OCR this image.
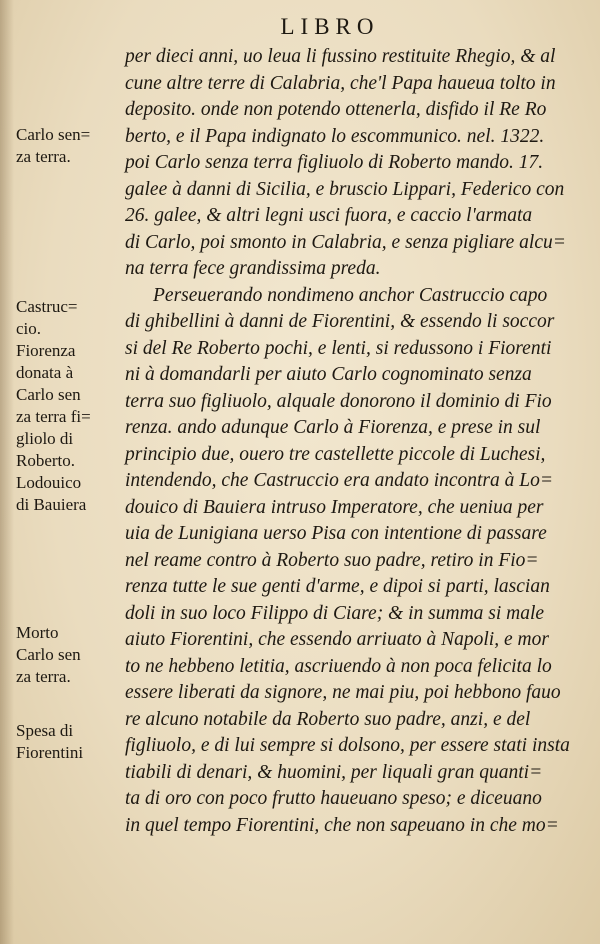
LIBRO
per dieci anni, uo leua li fussino restituite Rhegio, & al
cune altre terre di Calabria, che'l Papa haueua tolto in
deposito. onde non potendo ottenerla, disfido il Re Ro
berto, e il Papa indignato lo escommunico. nel. 1322.
poi Carlo senza terra figliuolo di Roberto mando. 17.
galee à danni di Sicilia, e bruscio Lippari, Federico con
26. galee, & altri legni usci fuora, e caccio l'armata
di Carlo, poi smonto in Calabria, e senza pigliare alcu=
na terra fece grandissima preda.
Perseuerando nondimeno anchor Castruccio capo
di ghibellini à danni de Fiorentini, & essendo li soccor
si del Re Roberto pochi, e lenti, si redussono i Fiorenti
ni à domandarli per aiuto Carlo cognominato senza
terra suo figliuolo, alquale donorono il dominio di Fio
renza. ando adunque Carlo à Fiorenza, e prese in sul
principio due, ouero tre castellette piccole di Luchesi,
intendendo, che Castruccio era andato incontra à Lo=
douico di Bauiera intruso Imperatore, che ueniua per
uia de Lunigiana uerso Pisa con intentione di passare
nel reame contro à Roberto suo padre, retiro in Fio=
renza tutte le sue genti d'arme, e dipoi si parti, lascian
doli in suo loco Filippo di Ciare; & in summa si male
aiuto Fiorentini, che essendo arriuato à Napoli, e mor
to ne hebbeno letitia, ascriuendo à non poca felicita lo
essere liberati da signore, ne mai piu, poi hebbono fauo
re alcuno notabile da Roberto suo padre, anzi, e del
figliuolo, e di lui sempre si dolsono, per essere stati insta
tiabili di denari, & huomini, per liquali gran quanti=
ta di oro con poco frutto haueuano speso; e diceuano
in quel tempo Fiorentini, che non sapeuano in che mo=
Carlo sen=
za terra.
Castruc=
cio.
Fiorenza
donata à
Carlo sen
za terra fi=
gliolo di
Roberto.
Lodouico
di Bauiera
Morto
Carlo sen
za terra.
Spesa di
Fiorentini
